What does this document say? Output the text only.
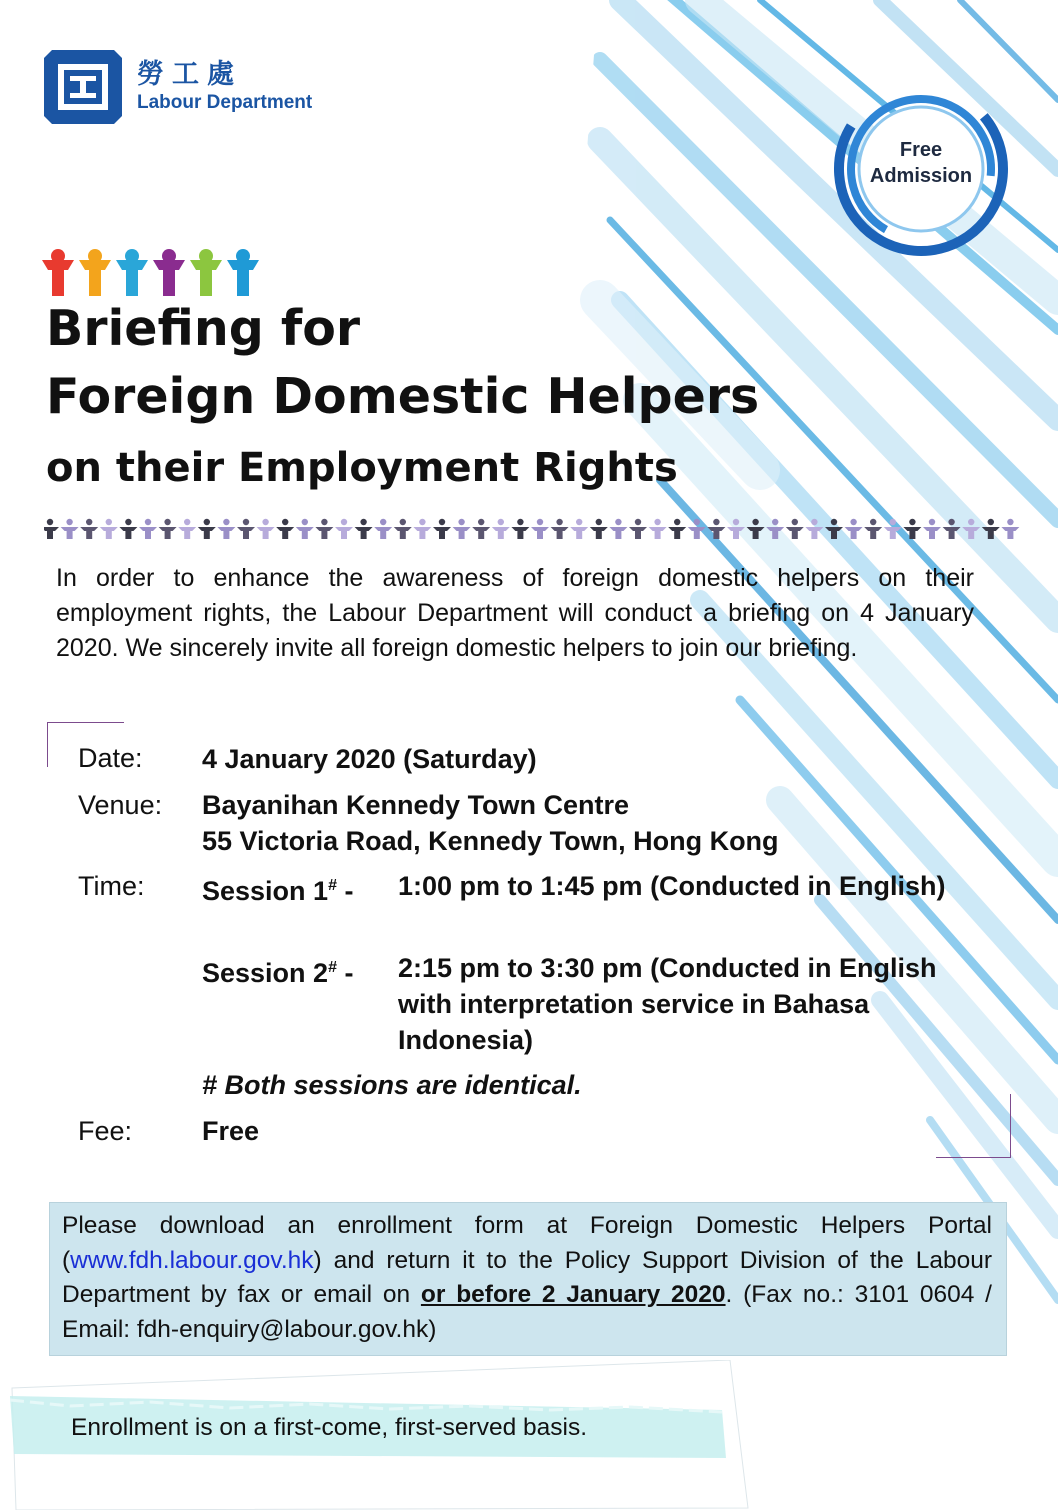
勞工處
Labour Department
Free
Admission
Briefing for
Foreign Domestic Helpers
on their Employment Rights
In order to enhance the awareness of foreign domestic helpers on their employment rights, the Labour Department will conduct a briefing on 4 January 2020. We sincerely invite all foreign domestic helpers to join our briefing.
Date: 4 January 2020 (Saturday)
Venue: Bayanihan Kennedy Town Centre
55 Victoria Road, Kennedy Town, Hong Kong
Time: Session 1# - 1:00 pm to 1:45 pm (Conducted in English)
Session 2# - 2:15 pm to 3:30 pm (Conducted in English with interpretation service in Bahasa Indonesia)
# Both sessions are identical.
Fee:	Free
Please download an enrollment form at Foreign Domestic Helpers Portal (www.fdh.labour.gov.hk) and return it to the Policy Support Division of the Labour Department by fax or email on or before 2 January 2020. (Fax no.: 3101 0604 / Email: fdh-enquiry@labour.gov.hk)
Enrollment is on a first-come, first-served basis.
